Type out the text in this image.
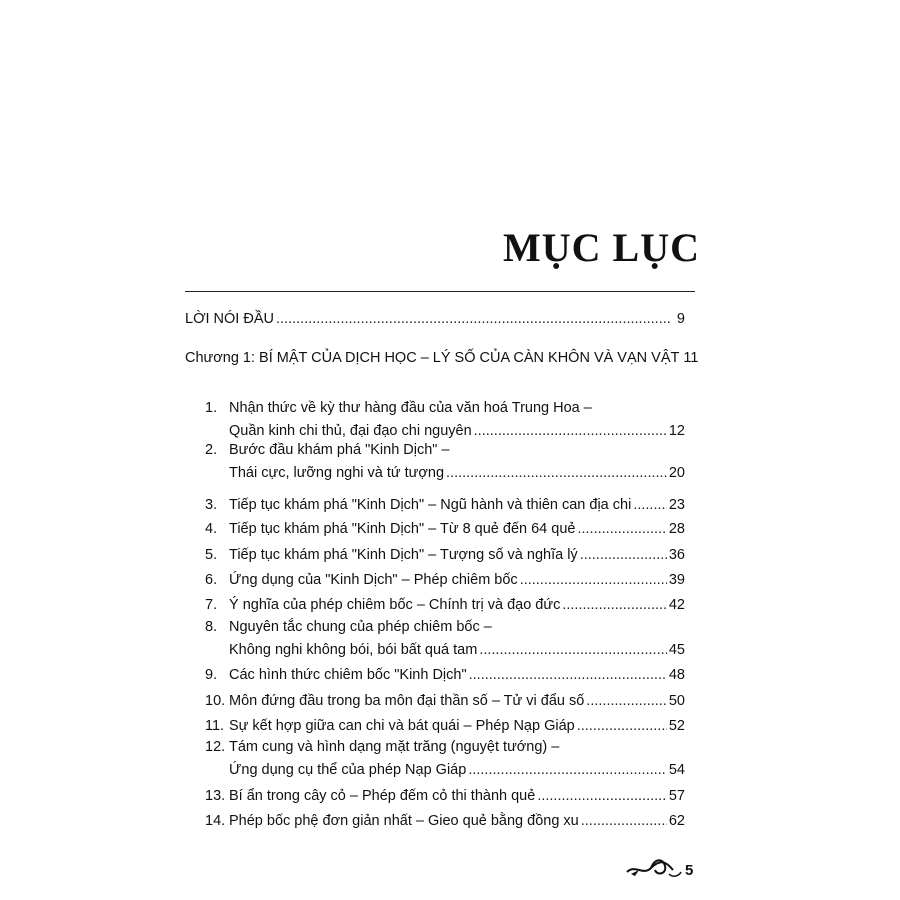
MỤC LỤC
LỜI NÓI ĐẦU .....	9
Chương 1: BÍ MẬT CỦA DỊCH HỌC – LÝ SỐ CỦA CÀN KHÔN VÀ VẠN VẬT 11
1. Nhận thức về kỳ thư hàng đầu của văn hoá Trung Hoa –
Quần kinh chi thủ, đại đạo chi nguyên .....	12
2. Bước đầu khám phá "Kinh Dịch" –
Thái cực, lưỡng nghi và tứ tượng .....	20
3. Tiếp tục khám phá "Kinh Dịch" – Ngũ hành và thiên can địa chi .....	23
4. Tiếp tục khám phá "Kinh Dịch" – Từ 8 quẻ đến 64 quẻ .....	28
5. Tiếp tục khám phá "Kinh Dịch" – Tượng số và nghĩa lý .....	36
6. Ứng dụng của "Kinh Dịch" – Phép chiêm bốc .....	39
7. Ý nghĩa của phép chiêm bốc – Chính trị và đạo đức .....	42
8. Nguyên tắc chung của phép chiêm bốc –
Không nghi không bói, bói bất quá tam .....	45
9. Các hình thức chiêm bốc "Kinh Dịch" .....	48
10. Môn đứng đầu trong ba môn đại thần số – Tử vi đẩu số .....	50
11. Sự kết hợp giữa can chi và bát quái – Phép Nạp Giáp .....	52
12. Tám cung và hình dạng mặt trăng (nguyệt tướng) –
Ứng dụng cụ thể của phép Nạp Giáp .....	54
13. Bí ẩn trong cây cỏ – Phép đếm cỏ thi thành quẻ .....	57
14. Phép bốc phệ đơn giản nhất – Gieo quẻ bằng đồng xu .....	62
5
